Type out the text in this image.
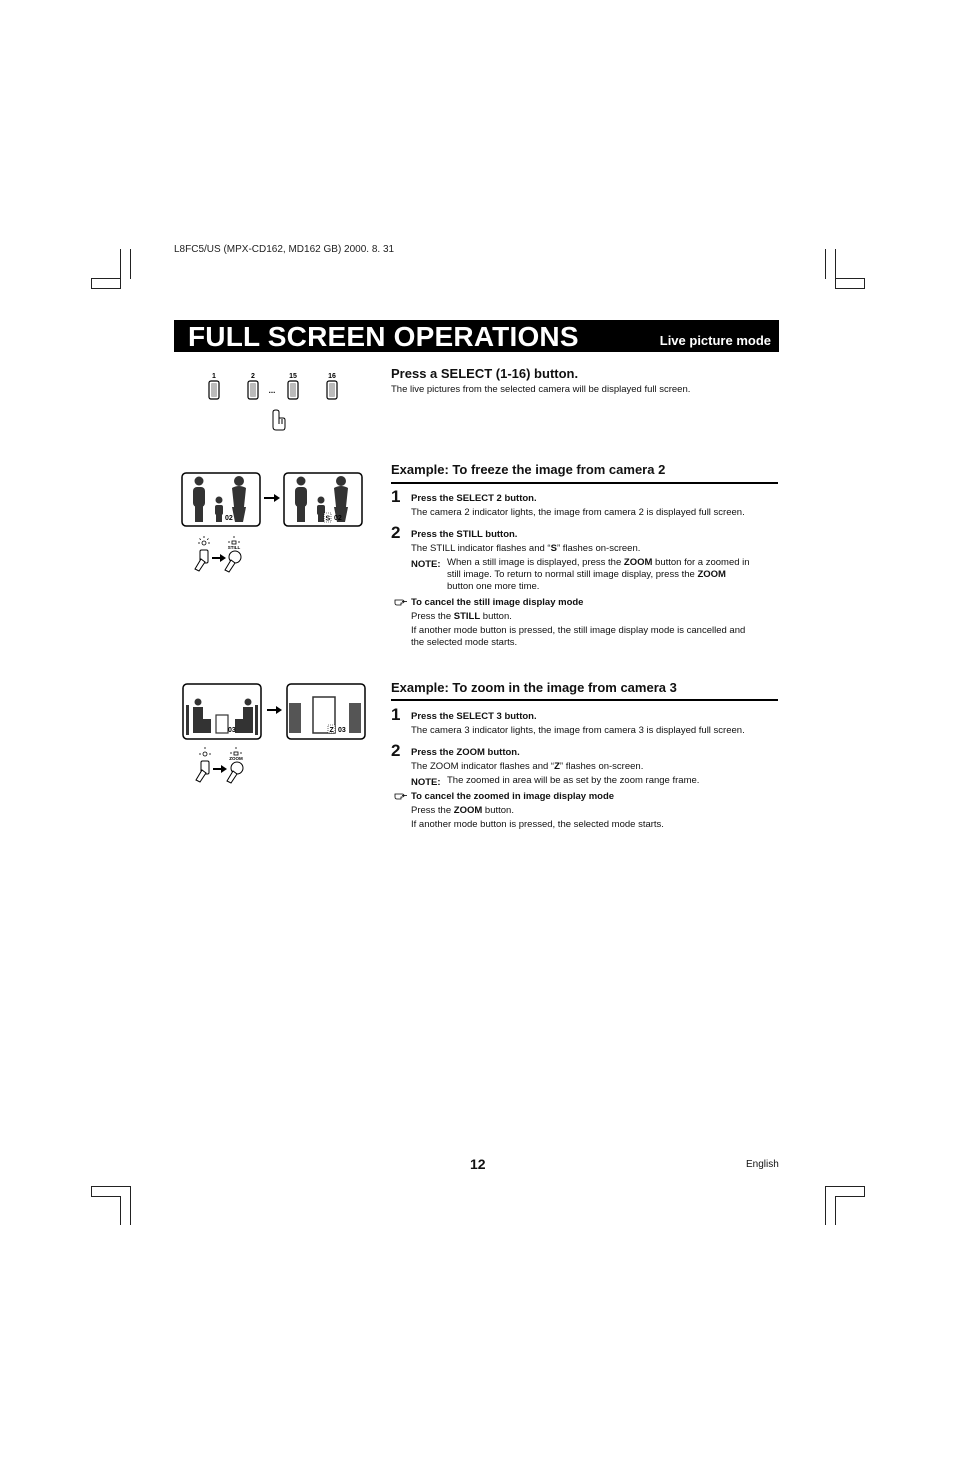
L8FC5/US (MPX-CD162, MD162 GB) 2000. 8. 31
FULL SCREEN OPERATIONS	Live picture mode
1	2
...
15	16	Press a SELECT (1-16) button.
The live pictures from the selected camera will be displayed full screen.
02	S 02
STILL
Example: To freeze the image from camera 2
1 Press the SELECT 2 button.
The camera 2 indicator lights, the image from camera 2 is displayed full screen.
2 Press the STILL button.
The STILL indicator flashes and “S” flashes on-screen.
NOTE: When a still image is displayed, press the ZOOM button for a zoomed in
still image. To return to normal still image display, press the ZOOM
button one more time.
To cancel the still image display mode
Press the STILL button.
If another mode button is pressed, the still image display mode is cancelled and
the selected mode starts.
03	Z 03
ZOOM
Example: To zoom in the image from camera 3
1 Press the SELECT 3 button.
The camera 3 indicator lights, the image from camera 3 is displayed full screen.
2 Press the ZOOM button.
The ZOOM indicator flashes and “Z” flashes on-screen.
NOTE: The zoomed in area will be as set by the zoom range frame.
To cancel the zoomed in image display mode
Press the ZOOM button.
If another mode button is pressed, the selected mode starts.
12	English
